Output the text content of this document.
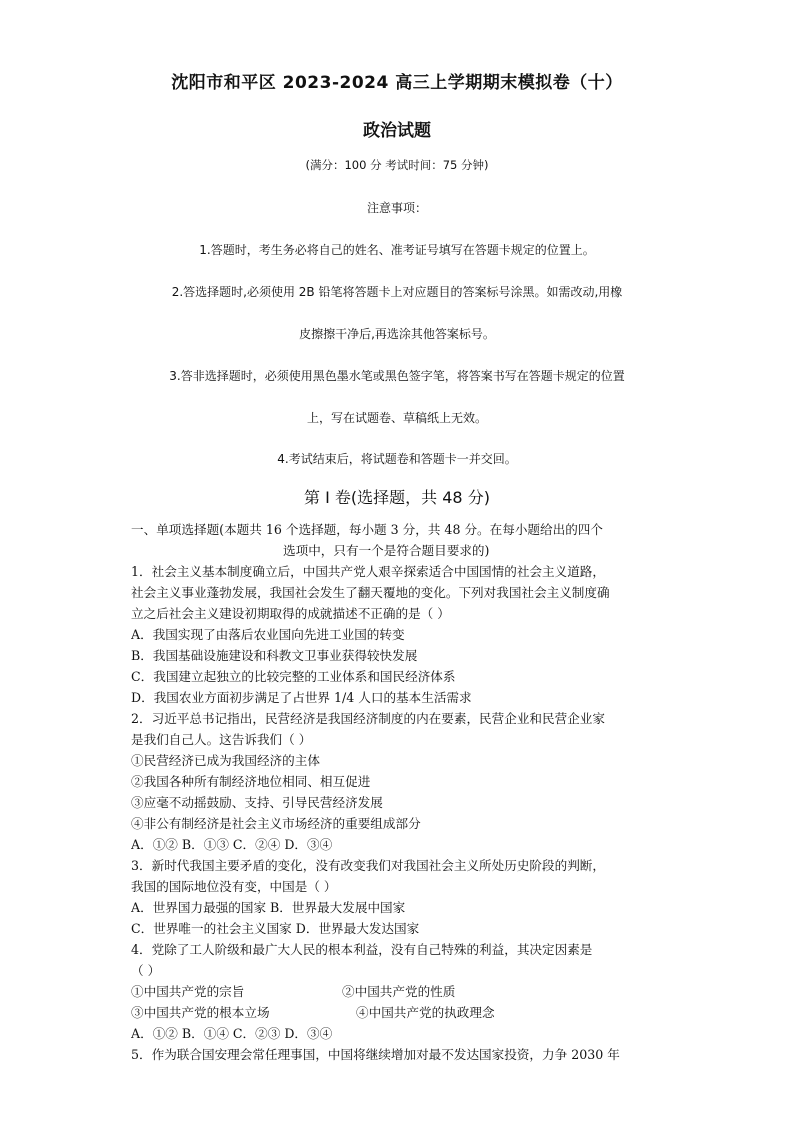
沈阳市和平区 2023-2024 高三上学期期末模拟卷（十）
政治试题
(满分：100 分 考试时间：75 分钟)
注意事项：
1.答题时，考生务必将自己的姓名、准考证号填写在答题卡规定的位置上。
2.答选择题时,必须使用 2B 铅笔将答题卡上对应题目的答案标号涂黑。如需改动,用橡
皮擦擦干净后,再选涂其他答案标号。
3.答非选择题时，必须使用黑色墨水笔或黑色签字笔，将答案书写在答题卡规定的位置
上，写在试题卷、草稿纸上无效。
4.考试结束后，将试题卷和答题卡一并交回。
第 Ⅰ 卷(选择题，共 48 分)
一、单项选择题(本题共 16 个选择题，每小题 3 分，共 48 分。在每小题给出的四个
选项中，只有一个是符合题目要求的)
1．社会主义基本制度确立后，中国共产党人艰辛探索适合中国国情的社会主义道路，
社会主义事业蓬勃发展，我国社会发生了翻天覆地的变化。下列对我国社会主义制度确
立之后社会主义建设初期取得的成就描述不正确的是（ ）
A．我国实现了由落后农业国向先进工业国的转变
B．我国基础设施建设和科教文卫事业获得较快发展
C．我国建立起独立的比较完整的工业体系和国民经济体系
D．我国农业方面初步满足了占世界 1/4 人口的基本生活需求
2．习近平总书记指出，民营经济是我国经济制度的内在要素，民营企业和民营企业家
是我们自己人。这告诉我们（ ）
①民营经济已成为我国经济的主体
②我国各种所有制经济地位相同、相互促进
③应毫不动摇鼓励、支持、引导民营经济发展
④非公有制经济是社会主义市场经济的重要组成部分
A．①② B．①③ C．②④ D．③④
3．新时代我国主要矛盾的变化，没有改变我们对我国社会主义所处历史阶段的判断，
我国的国际地位没有变，中国是（ ）
A．世界国力最强的国家 B．世界最大发展中国家
C．世界唯一的社会主义国家 D．世界最大发达国家
4．党除了工人阶级和最广大人民的根本利益，没有自己特殊的利益，其决定因素是
（ ）
①中国共产党的宗旨	②中国共产党的性质
③中国共产党的根本立场	④中国共产党的执政理念
A．①② B．①④ C．②③ D．③④
5．作为联合国安理会常任理事国，中国将继续增加对最不发达国家投资，力争 2030 年
